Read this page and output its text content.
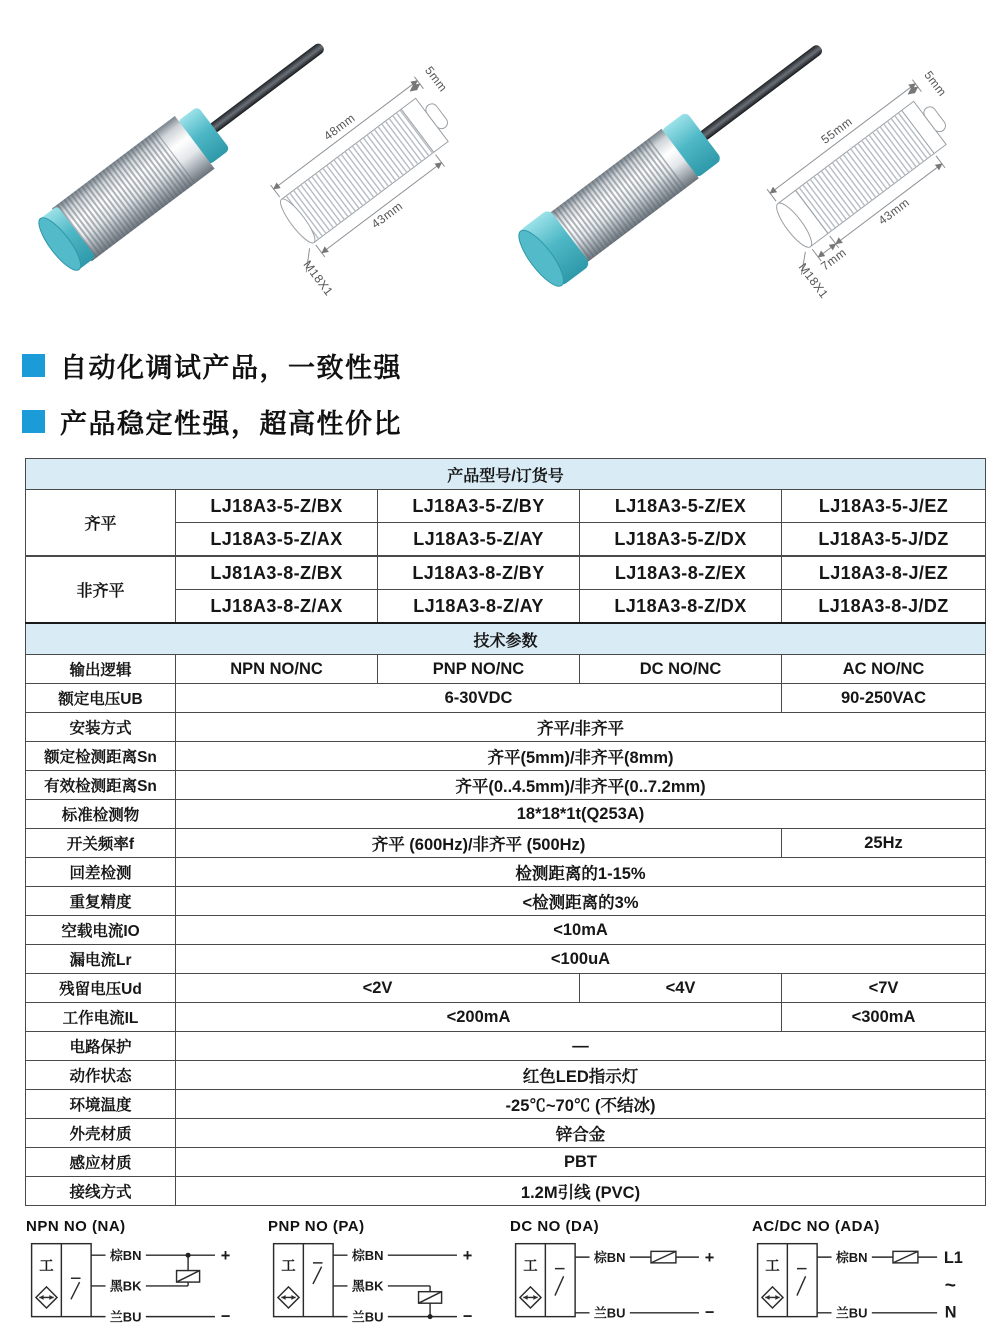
48mm
43mm
5mm
M18X1
55mm
43mm
7mm
5mm
M18X1
自动化调试产品，一致性强
产品稳定性强，超高性价比
产品型号/订货号				
齐平	LJ18A3-5-Z/BX	LJ18A3-5-Z/BY	LJ18A3-5-Z/EX	LJ18A3-5-J/EZ
	LJ18A3-5-Z/AX	LJ18A3-5-Z/AY	LJ18A3-5-Z/DX	LJ18A3-5-J/DZ
非齐平	LJ81A3-8-Z/BX	LJ18A3-8-Z/BY	LJ18A3-8-Z/EX	LJ18A3-8-J/EZ
	LJ18A3-8-Z/AX	LJ18A3-8-Z/AY	LJ18A3-8-Z/DX	LJ18A3-8-J/DZ
技术参数				
输出逻辑	NPN NO/NC	PNP NO/NC	DC NO/NC	AC NO/NC
额定电压UB	6-30VDC			90-250VAC
安装方式	齐平/非齐平			
额定检测距离Sn	齐平(5mm)/非齐平(8mm)			
有效检测距离Sn	齐平(0..4.5mm)/非齐平(0..7.2mm)			
标准检测物	18*18*1t(Q253A)			
开关频率f	齐平 (600Hz)/非齐平 (500Hz)			25Hz
回差检测	检测距离的1-15%			
重复精度	<检测距离的3%			
空载电流IO	<10mA			
漏电流Lr	<100uA			
残留电压Ud	<2V		<4V	<7V
工作电流IL	<200mA			<300mA
电路保护	—			
动作状态	红色LED指示灯			
环境温度	-25℃~70℃ (不结冰)			
外壳材质	锌合金			
感应材质	PBT			
接线方式	1.2M引线 (PVC)			
NPN NO (NA)
工
棕BN
黑BK
兰BU
+
−
PNP NO (PA)
工
棕BN
黑BK
兰BU
+
−
DC NO (DA)
工
棕BN
兰BU
+
−
AC/DC NO (ADA)
工
棕BN
兰BU
L1
~
N
